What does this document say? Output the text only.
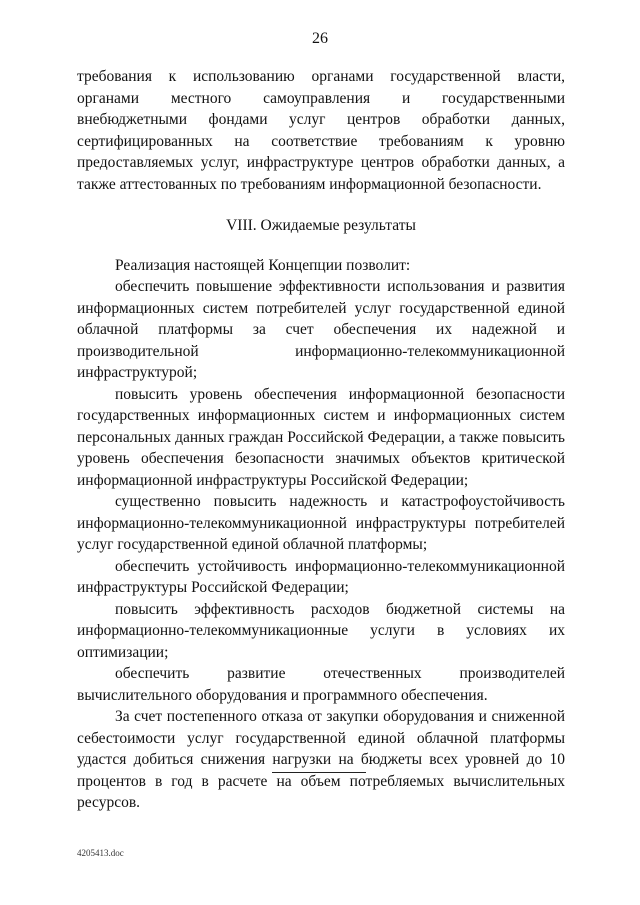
26

требования к использованию органами государственной власти, органами местного самоуправления и государственными внебюджетными фондами услуг центров обработки данных, сертифицированных на соответствие требованиям к уровню предоставляемых услуг, инфраструктуре центров обработки данных, а также аттестованных по требованиям информационной безопасности.

VIII. Ожидаемые результаты

Реализация настоящей Концепции позволит:

обеспечить повышение эффективности использования и развития информационных систем потребителей услуг государственной единой облачной платформы за счет обеспечения их надежной и производительной информационно-телекоммуникационной инфраструктурой;

повысить уровень обеспечения информационной безопасности государственных информационных систем и информационных систем персональных данных граждан Российской Федерации, а также повысить уровень обеспечения безопасности значимых объектов критической информационной инфраструктуры Российской Федерации;

существенно повысить надежность и катастрофоустойчивость информационно-телекоммуникационной инфраструктуры потребителей услуг государственной единой облачной платформы;

обеспечить устойчивость информационно-телекоммуникационной инфраструктуры Российской Федерации;

повысить эффективность расходов бюджетной системы на информационно-телекоммуникационные услуги в условиях их оптимизации;

обеспечить развитие отечественных производителей вычислительного оборудования и программного обеспечения.

За счет постепенного отказа от закупки оборудования и сниженной себестоимости услуг государственной единой облачной платформы удастся добиться снижения нагрузки на бюджеты всех уровней до 10 процентов в год в расчете на объем потребляемых вычислительных ресурсов.

4205413.doc
